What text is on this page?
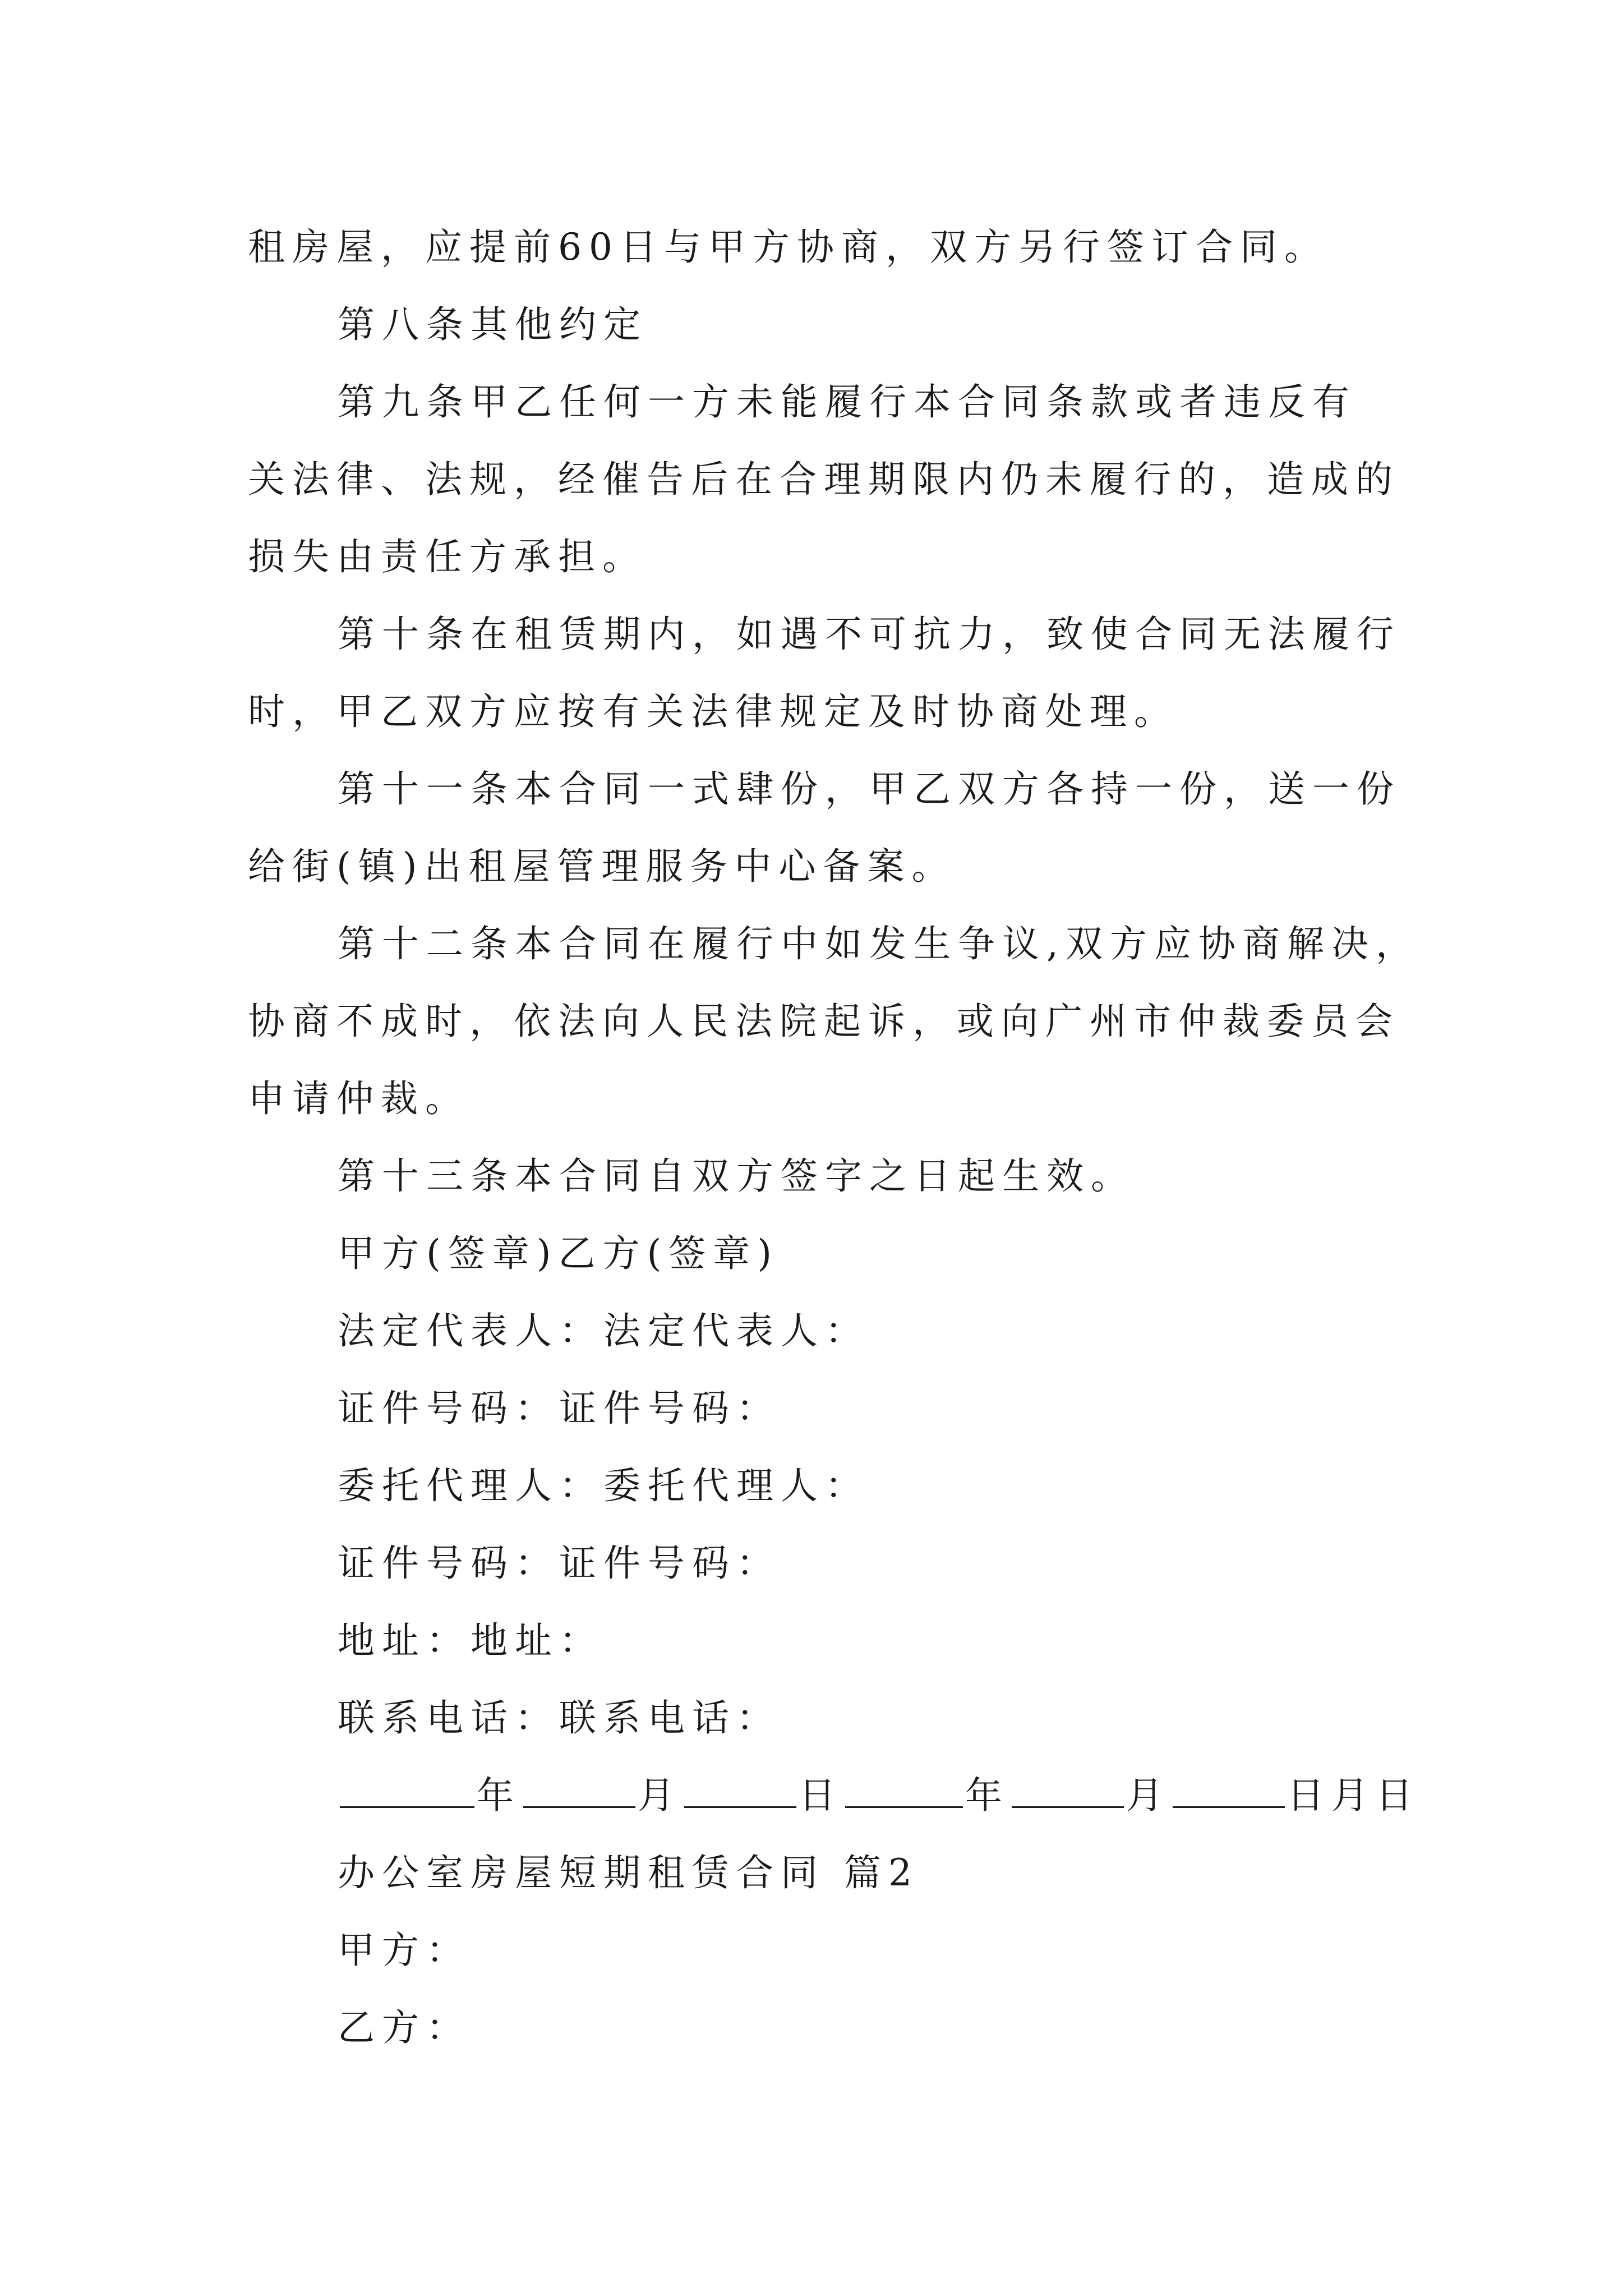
租房屋，应提前60日与甲方协商，双方另行签订合同。
第八条其他约定
第九条甲乙任何一方未能履行本合同条款或者违反有
关法律、法规，经催告后在合理期限内仍未履行的，造成的
损失由责任方承担。
第十条在租赁期内，如遇不可抗力，致使合同无法履行
时，甲乙双方应按有关法律规定及时协商处理。
第十一条本合同一式肆份，甲乙双方各持一份，送一份
给街(镇)出租屋管理服务中心备案。
第十二条本合同在履行中如发生争议,双方应协商解决，
协商不成时，依法向人民法院起诉，或向广州市仲裁委员会
申请仲裁。
第十三条本合同自双方签字之日起生效。
甲方(签章)乙方(签章)
法定代表人：法定代表人：
证件号码：证件号码：
委托代理人：委托代理人：
证件号码：证件号码：
地址：地址：
联系电话：联系电话：
年	月	日	年	月	日月日
办公室房屋短期租赁合同 篇2
甲方：
乙方：
